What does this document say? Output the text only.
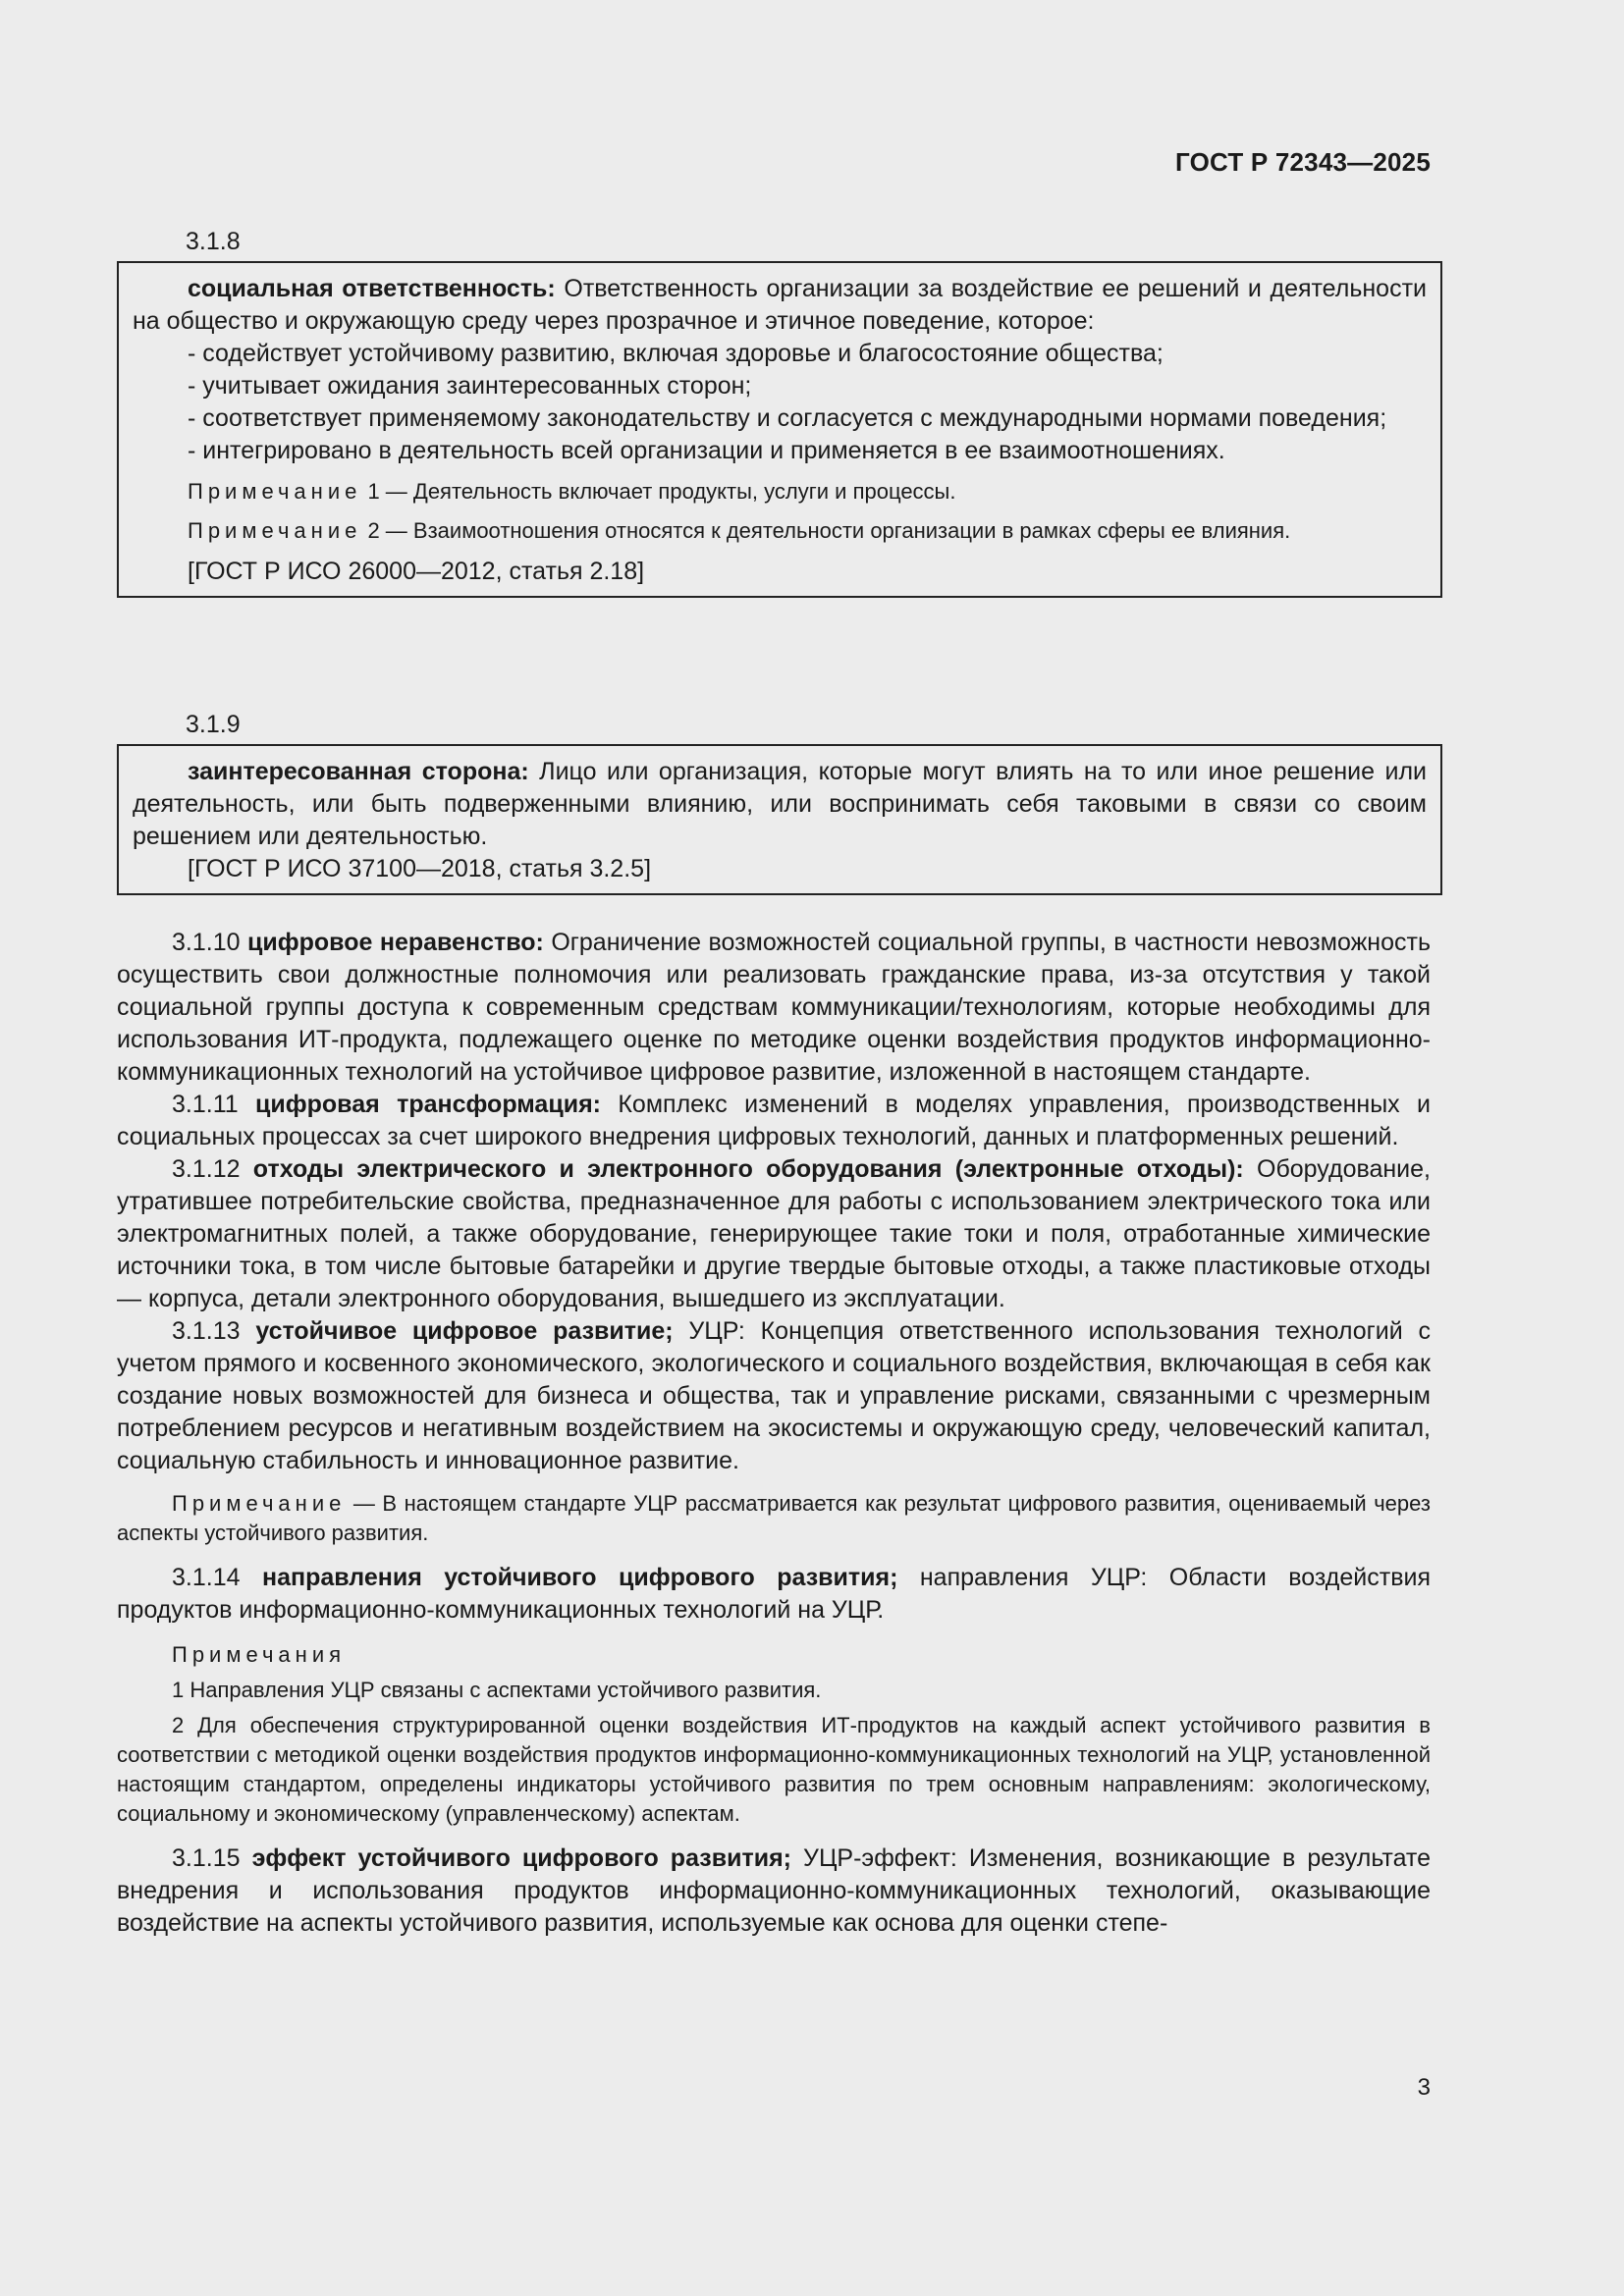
ГОСТ Р 72343—2025
3.1.8

социальная ответственность: Ответственность организации за воздействие ее решений и деятельности на общество и окружающую среду через прозрачное и этичное поведение, которое:

- содействует устойчивому развитию, включая здоровье и благосостояние общества;

- учитывает ожидания заинтересованных сторон;

- соответствует применяемому законодательству и согласуется с международными нормами поведения;

- интегрировано в деятельность всей организации и применяется в ее взаимоотношениях.

Примечание 1 — Деятельность включает продукты, услуги и процессы.

Примечание 2 — Взаимоотношения относятся к деятельности организации в рамках сферы ее влияния.

[ГОСТ Р ИСО 26000—2012, статья 2.18]

3.1.9

заинтересованная сторона: Лицо или организация, которые могут влиять на то или иное решение или деятельность, или быть подверженными влиянию, или воспринимать себя таковыми в связи со своим решением или деятельностью.

[ГОСТ Р ИСО 37100—2018, статья 3.2.5]

3.1.10 цифровое неравенство: Ограничение возможностей социальной группы, в частности невозможность осуществить свои должностные полномочия или реализовать гражданские права, из-за отсутствия у такой социальной группы доступа к современным средствам коммуникации/технологиям, которые необходимы для использования ИТ-продукта, подлежащего оценке по методике оценки воздействия продуктов информационно-коммуникационных технологий на устойчивое цифровое развитие, изложенной в настоящем стандарте.

3.1.11 цифровая трансформация: Комплекс изменений в моделях управления, производственных и социальных процессах за счет широкого внедрения цифровых технологий, данных и платформенных решений.

3.1.12 отходы электрического и электронного оборудования (электронные отходы): Оборудование, утратившее потребительские свойства, предназначенное для работы с использованием электрического тока или электромагнитных полей, а также оборудование, генерирующее такие токи и поля, отработанные химические источники тока, в том числе бытовые батарейки и другие твердые бытовые отходы, а также пластиковые отходы — корпуса, детали электронного оборудования, вышедшего из эксплуатации.

3.1.13 устойчивое цифровое развитие; УЦР: Концепция ответственного использования технологий с учетом прямого и косвенного экономического, экологического и социального воздействия, включающая в себя как создание новых возможностей для бизнеса и общества, так и управление рисками, связанными с чрезмерным потреблением ресурсов и негативным воздействием на экосистемы и окружающую среду, человеческий капитал, социальную стабильность и инновационное развитие.

Примечание — В настоящем стандарте УЦР рассматривается как результат цифрового развития, оцениваемый через аспекты устойчивого развития.

3.1.14 направления устойчивого цифрового развития; направления УЦР: Области воздействия продуктов информационно-коммуникационных технологий на УЦР.

Примечания

1 Направления УЦР связаны с аспектами устойчивого развития.

2 Для обеспечения структурированной оценки воздействия ИТ-продуктов на каждый аспект устойчивого развития в соответствии с методикой оценки воздействия продуктов информационно-коммуникационных технологий на УЦР, установленной настоящим стандартом, определены индикаторы устойчивого развития по трем основным направлениям: экологическому, социальному и экономическому (управленческому) аспектам.

3.1.15 эффект устойчивого цифрового развития; УЦР-эффект: Изменения, возникающие в результате внедрения и использования продуктов информационно-коммуникационных технологий, оказывающие воздействие на аспекты устойчивого развития, используемые как основа для оценки степе-

3
